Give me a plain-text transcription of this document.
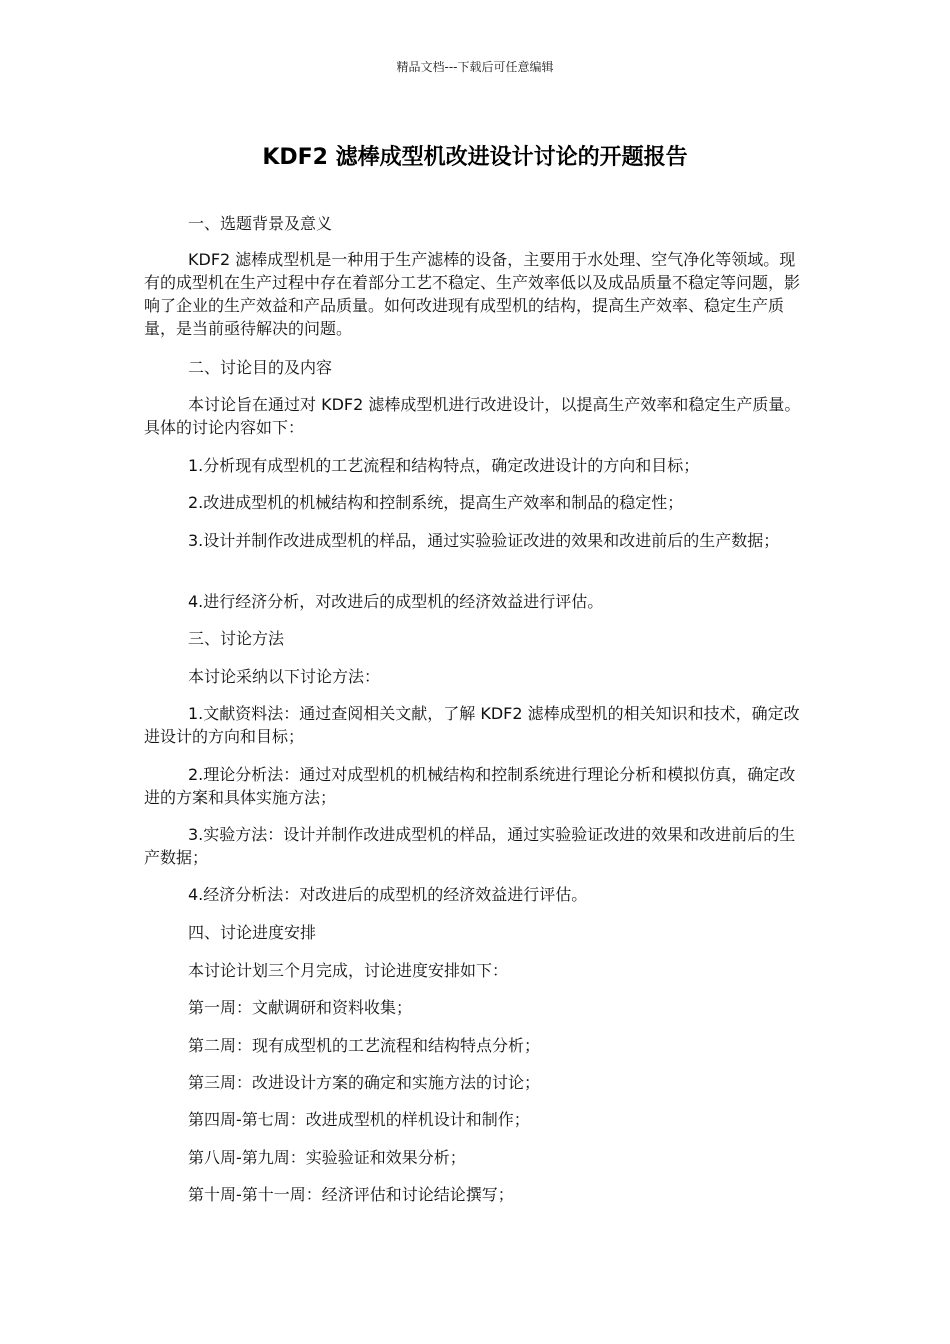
精品文档---下载后可任意编辑
KDF2 滤棒成型机改进设计讨论的开题报告

一、选题背景及意义

KDF2 滤棒成型机是一种用于生产滤棒的设备，主要用于水处理、空气净化等领域。现有的成型机在生产过程中存在着部分工艺不稳定、生产效率低以及成品质量不稳定等问题，影响了企业的生产效益和产品质量。如何改进现有成型机的结构，提高生产效率、稳定生产质量，是当前亟待解决的问题。

二、讨论目的及内容

本讨论旨在通过对 KDF2 滤棒成型机进行改进设计，以提高生产效率和稳定生产质量。具体的讨论内容如下：

1.分析现有成型机的工艺流程和结构特点，确定改进设计的方向和目标；

2.改进成型机的机械结构和控制系统，提高生产效率和制品的稳定性；

3.设计并制作改进成型机的样品，通过实验验证改进的效果和改进前后的生产数据；

4.进行经济分析，对改进后的成型机的经济效益进行评估。

三、讨论方法

本讨论采纳以下讨论方法：

1.文献资料法：通过查阅相关文献，了解 KDF2 滤棒成型机的相关知识和技术，确定改进设计的方向和目标；

2.理论分析法：通过对成型机的机械结构和控制系统进行理论分析和模拟仿真，确定改进的方案和具体实施方法；

3.实验方法：设计并制作改进成型机的样品，通过实验验证改进的效果和改进前后的生产数据；

4.经济分析法：对改进后的成型机的经济效益进行评估。

四、讨论进度安排

本讨论计划三个月完成，讨论进度安排如下：

第一周：文献调研和资料收集；

第二周：现有成型机的工艺流程和结构特点分析；

第三周：改进设计方案的确定和实施方法的讨论；

第四周-第七周：改进成型机的样机设计和制作；

第八周-第九周：实验验证和效果分析；

第十周-第十一周：经济评估和讨论结论撰写；
